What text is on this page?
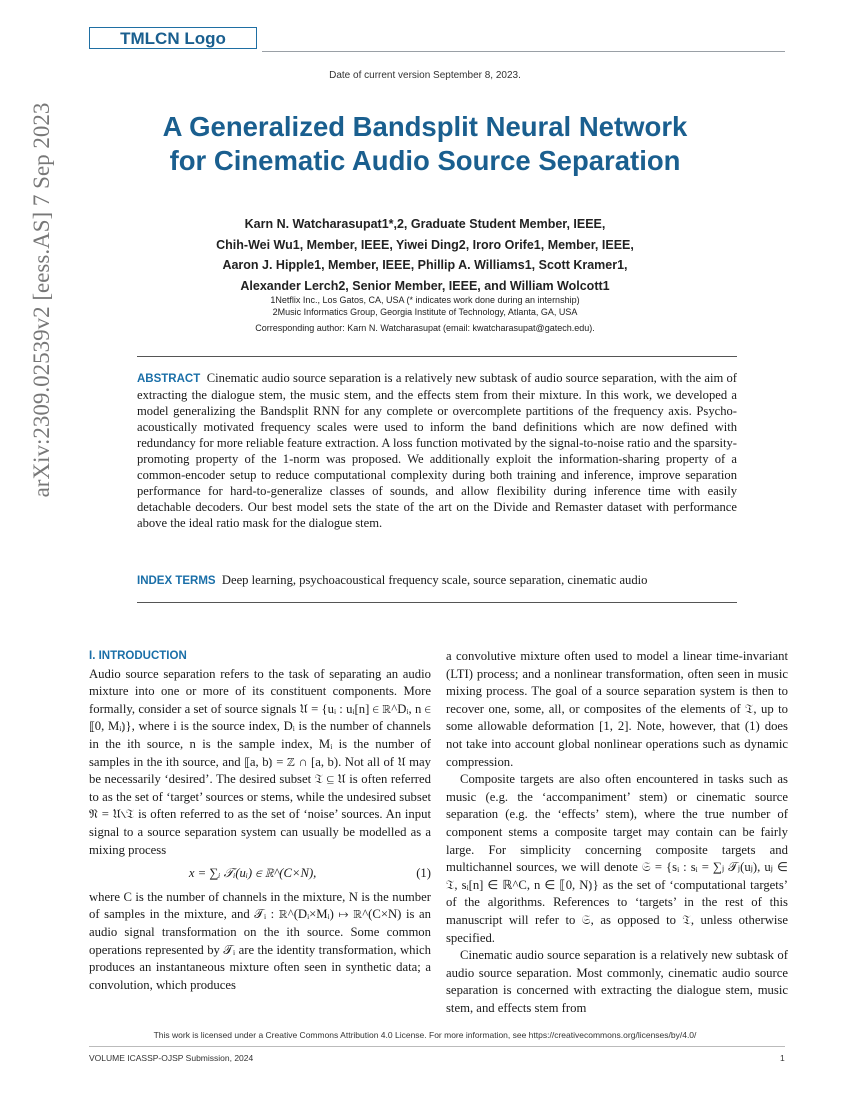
TMLCN Logo
Date of current version September 8, 2023.
arXiv:2309.02539v2 [eess.AS] 7 Sep 2023	A Generalized Bandsplit Neural Network for Cinematic Audio Source Separation
Karn N. Watcharasupat1*,2, Graduate Student Member, IEEE,
Chih-Wei Wu1, Member, IEEE, Yiwei Ding2, Iroro Orife1, Member, IEEE,
Aaron J. Hipple1, Member, IEEE, Phillip A. Williams1, Scott Kramer1,
Alexander Lerch2, Senior Member, IEEE, and William Wolcott1
1Netflix Inc., Los Gatos, CA, USA (* indicates work done during an internship)
2Music Informatics Group, Georgia Institute of Technology, Atlanta, GA, USA
Corresponding author: Karn N. Watcharasupat (email: kwatcharasupat@gatech.edu).
ABSTRACT Cinematic audio source separation is a relatively new subtask of audio source separation, with the aim of extracting the dialogue stem, the music stem, and the effects stem from their mixture. In this work, we developed a model generalizing the Bandsplit RNN for any complete or overcomplete partitions of the frequency axis. Psycho-acoustically motivated frequency scales were used to inform the band definitions which are now defined with redundancy for more reliable feature extraction. A loss function motivated by the signal-to-noise ratio and the sparsity-promoting property of the 1-norm was proposed. We additionally exploit the information-sharing property of a common-encoder setup to reduce computational complexity during both training and inference, improve separation performance for hard-to-generalize classes of sounds, and allow flexibility during inference time with easily detachable decoders. Our best model sets the state of the art on the Divide and Remaster dataset with performance above the ideal ratio mask for the dialogue stem.
INDEX TERMS Deep learning, psychoacoustical frequency scale, source separation, cinematic audio
I. INTRODUCTION

Audio source separation refers to the task of separating an audio mixture into one or more of its constituent components. More formally, consider a set of source signals 𝔘 = {uᵢ : uᵢ[n] ∈ ℝ^Dᵢ, n ∈ ⟦0, Mᵢ⦆}, where i is the source index, Dᵢ is the number of channels in the ith source, n is the sample index, Mᵢ is the number of samples in the ith source, and ⟦a, b⦆ = ℤ ∩ [a, b). Not all of 𝔘 may be necessarily ‘desired’. The desired subset 𝔗 ⊆ 𝔘 is often referred to as the set of ‘target’ sources or stems, while the undesired subset 𝔑 = 𝔘∖𝔗 is often referred to as the set of ‘noise’ sources. An input signal to a source separation system can usually be modelled as a mixing process

x = ∑ᵢ 𝒯ᵢ(uᵢ) ∈ ℝ^(C×N),	(1)

where C is the number of channels in the mixture, N is the number of samples in the mixture, and 𝒯ᵢ : ℝ^(Dᵢ×Mᵢ) ↦ ℝ^(C×N) is an audio signal transformation on the ith source. Some common operations represented by 𝒯ᵢ are the identity transformation, which produces an instantaneous mixture often seen in synthetic data; a convolution, which produces

a convolutive mixture often used to model a linear time-invariant (LTI) process; and a nonlinear transformation, often seen in music mixing process. The goal of a source separation system is then to recover one, some, all, or composites of the elements of 𝔗, up to some allowable deformation [1, 2]. Note, however, that (1) does not take into account global nonlinear operations such as dynamic compression.

Composite targets are also often encountered in tasks such as music (e.g. the ‘accompaniment’ stem) or cinematic source separation (e.g. the ‘effects’ stem), where the true number of component stems a composite target may contain can be fairly large. For simplicity concerning composite targets and multichannel sources, we will denote 𝔖 = {sᵢ : sᵢ = ∑ⱼ 𝒯ⱼ(uⱼ), uⱼ ∈ 𝔗, sᵢ[n] ∈ ℝ^C, n ∈ ⟦0, N⦆} as the set of ‘computational targets’ of the algorithms. References to ‘targets’ in the rest of this manuscript will refer to 𝔖, as opposed to 𝔗, unless otherwise specified.

Cinematic audio source separation is a relatively new subtask of audio source separation. Most commonly, cinematic audio source separation is concerned with extracting the dialogue stem, music stem, and effects stem from

This work is licensed under a Creative Commons Attribution 4.0 License. For more information, see https://creativecommons.org/licenses/by/4.0/
VOLUME ICASSP-OJSP Submission, 2024	1
